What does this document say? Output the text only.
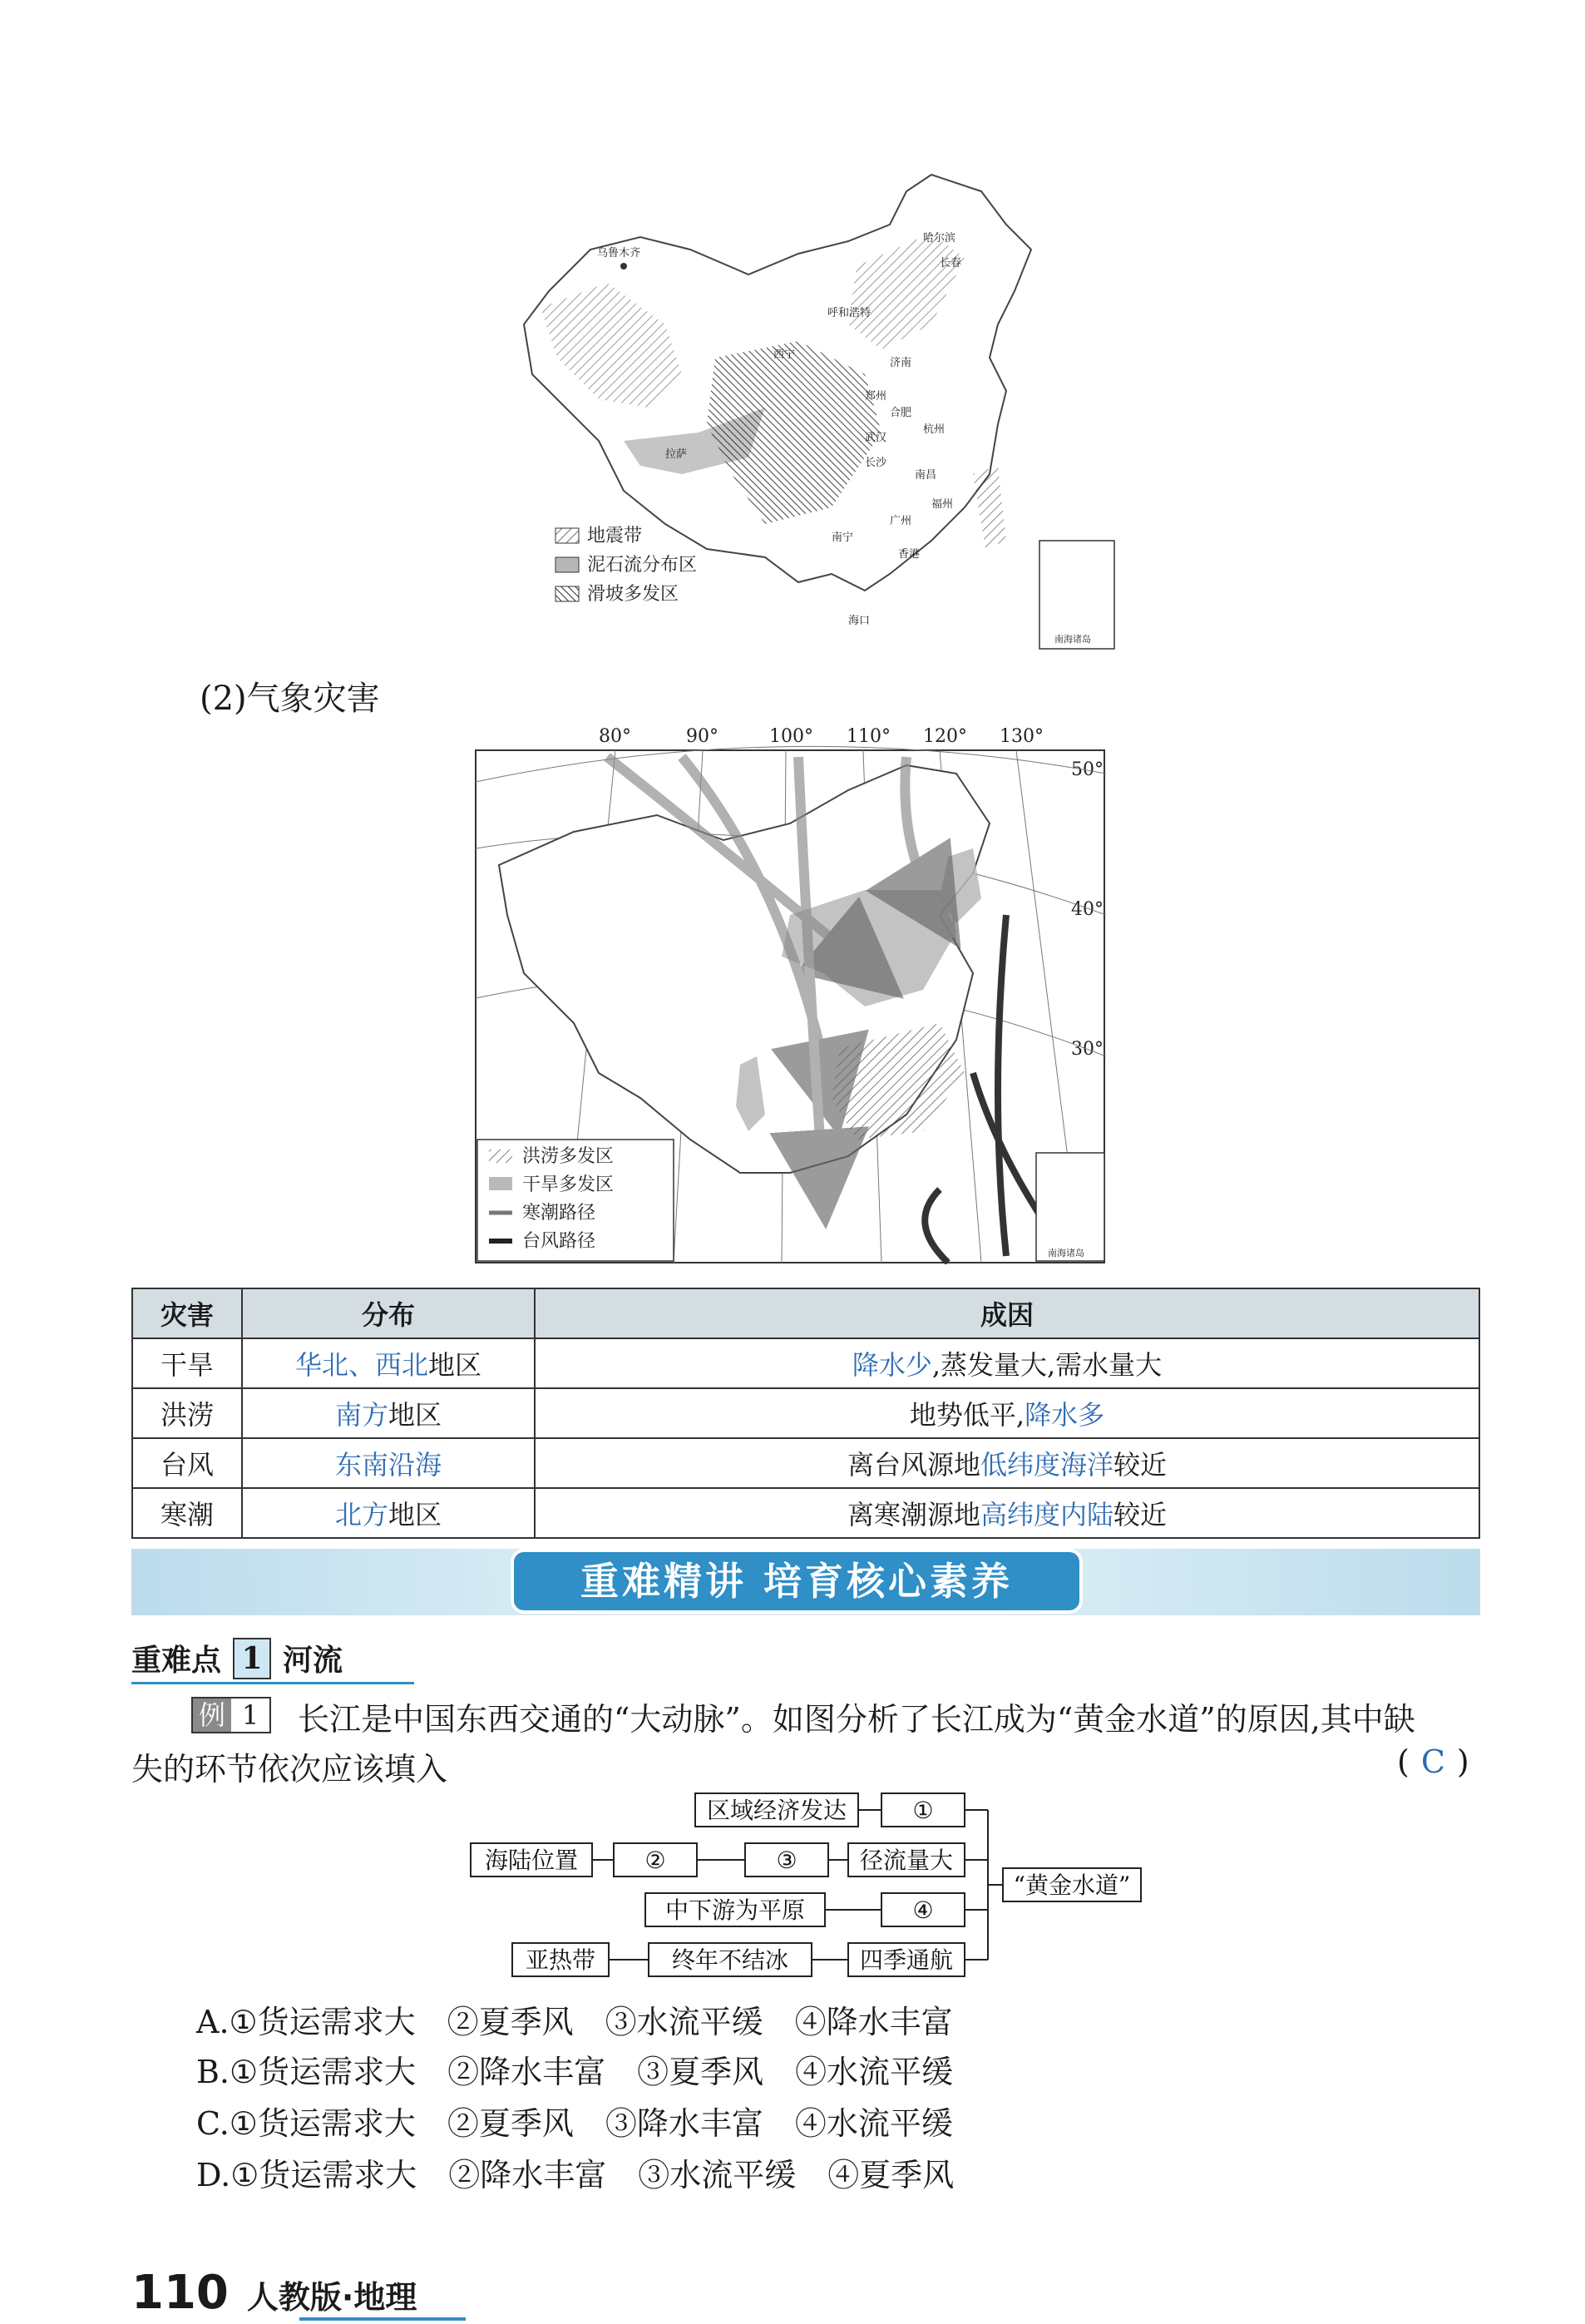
乌鲁木齐
哈尔滨
长春
呼和浩特
西宁
济南
郑州
拉萨
合肥
武汉
杭州
长沙
南昌
福州
广州
南宁
香港
海口
地震带
泥石流分布区
滑坡多发区
南海诸岛
(2)气象灾害
80°	90°	100° 110° 120° 130°
50°
40°
30°
洪涝多发区
干旱多发区
寒潮路径
台风路径
南海诸岛
灾害	分布	成因
干旱	华北、西北地区	降水少,蒸发量大,需水量大
洪涝	南方地区	地势低平,降水多
台风	东南沿海	离台风源地低纬度海洋较近
寒潮	北方地区	离寒潮源地高纬度内陆较近
重难精讲 培育核心素养
重难点 1 河流
例 1	长江是中国东西交通的“大动脉”。如图分析了长江成为“黄金水道”的原因,其中缺
失的环节依次应该填入	( C )
区域经济发达	①
海陆位置	②	③	径流量大
中下游为平原	④
亚热带	终年不结冰	四季通航
“黄金水道”
A.①货运需求大　②夏季风　③水流平缓　④降水丰富
B.①货运需求大　②降水丰富　③夏季风　④水流平缓
C.①货运需求大　②夏季风　③降水丰富　④水流平缓
D.①货运需求大　②降水丰富　③水流平缓　④夏季风
110 人教版·地理
